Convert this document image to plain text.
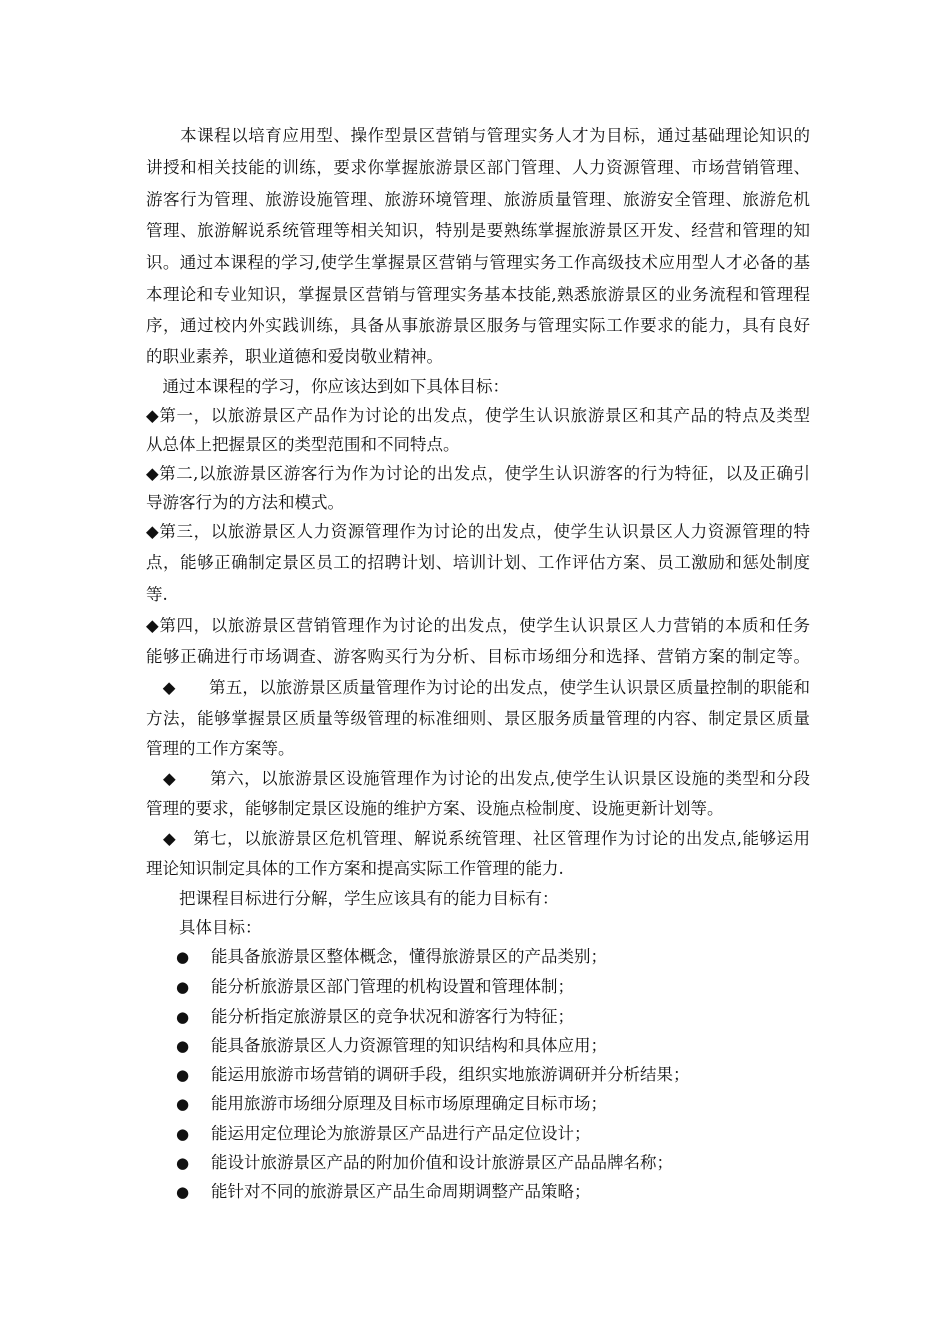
　　本课程以培育应用型、操作型景区营销与管理实务人才为目标，通过基础理论知识的
讲授和相关技能的训练，要求你掌握旅游景区部门管理、人力资源管理、市场营销管理、
游客行为管理、旅游设施管理、旅游环境管理、旅游质量管理、旅游安全管理、旅游危机
管理、旅游解说系统管理等相关知识，特别是要熟练掌握旅游景区开发、经营和管理的知
识。通过本课程的学习,使学生掌握景区营销与管理实务工作高级技术应用型人才必备的基
本理论和专业知识，掌握景区营销与管理实务基本技能,熟悉旅游景区的业务流程和管理程
序，通过校内外实践训练，具备从事旅游景区服务与管理实际工作要求的能力，具有良好
的职业素养，职业道德和爱岗敬业精神。
　通过本课程的学习，你应该达到如下具体目标：
◆第一，以旅游景区产品作为讨论的出发点，使学生认识旅游景区和其产品的特点及类型
从总体上把握景区的类型范围和不同特点。
◆第二,以旅游景区游客行为作为讨论的出发点，使学生认识游客的行为特征，以及正确引
导游客行为的方法和模式。
◆第三，以旅游景区人力资源管理作为讨论的出发点，使学生认识景区人力资源管理的特
点，能够正确制定景区员工的招聘计划、培训计划、工作评估方案、员工激励和惩处制度
等.
◆第四，以旅游景区营销管理作为讨论的出发点，使学生认识景区人力营销的本质和任务
能够正确进行市场调查、游客购买行为分析、目标市场细分和选择、营销方案的制定等。
　◆　　第五，以旅游景区质量管理作为讨论的出发点，使学生认识景区质量控制的职能和
方法，能够掌握景区质量等级管理的标准细则、景区服务质量管理的内容、制定景区质量
管理的工作方案等。
　◆　　第六，以旅游景区设施管理作为讨论的出发点,使学生认识景区设施的类型和分段
管理的要求，能够制定景区设施的维护方案、设施点检制度、设施更新计划等。
　◆　第七，以旅游景区危机管理、解说系统管理、社区管理作为讨论的出发点,能够运用
理论知识制定具体的工作方案和提高实际工作管理的能力.
　　把课程目标进行分解，学生应该具有的能力目标有：
　　具体目标：
● 能具备旅游景区整体概念，懂得旅游景区的产品类别；
● 能分析旅游景区部门管理的机构设置和管理体制；
● 能分析指定旅游景区的竞争状况和游客行为特征；
● 能具备旅游景区人力资源管理的知识结构和具体应用；
● 能运用旅游市场营销的调研手段，组织实地旅游调研并分析结果；
● 能用旅游市场细分原理及目标市场原理确定目标市场；
● 能运用定位理论为旅游景区产品进行产品定位设计；
● 能设计旅游景区产品的附加价值和设计旅游景区产品品牌名称；
● 能针对不同的旅游景区产品生命周期调整产品策略；
